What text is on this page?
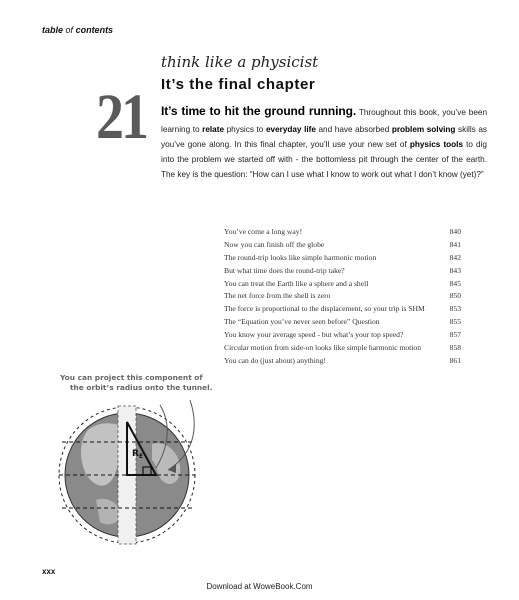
table of contents
think like a physicist
21 It’s the final chapter
It’s time to hit the ground running. Throughout this book, you’ve been learning to relate physics to everyday life and have absorbed problem solving skills as you’ve gone along. In this final chapter, you’ll use your new set of physics tools to dig into the problem we started off with - the bottomless pit through the center of the earth. The key is the question: “How can I use what I know to work out what I don’t know (yet)?”
You’ve come a long way!	840
Now you can finish off the globe	841
The round-trip looks like simple harmonic motion	842
But what time does the round-trip take?	843
You can treat the Earth like a sphere and a shell	845
The net force from the shell is zero	850
The force is proportional to the displacement, so your trip is SHM	853
The “Equation you’ve never seen before” Question	855
You know your average speed - but what’s your top speed?	857
Circular motion from side-on looks like simple harmonic motion	858
You can do (just about) anything!	861
You can project this component of
the orbit’s radius onto the tunnel.
$R_E$
xxx
Download at WoweBook.Com
